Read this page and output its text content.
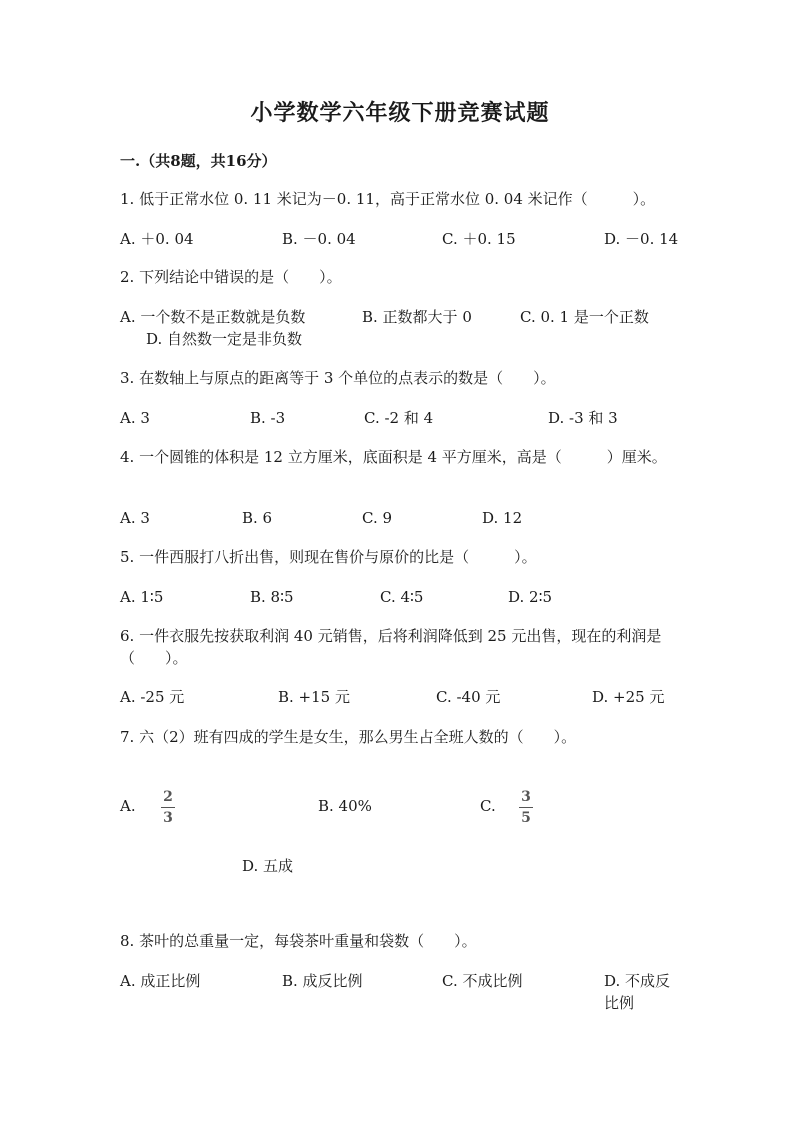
小学数学六年级下册竞赛试题
一.（共8题，共16分）
1. 低于正常水位 0. 11 米记为－0. 11，高于正常水位 0. 04 米记作（　　　）。
A. ＋0. 04	B. －0. 04	C. ＋0. 15	D. －0. 14
2. 下列结论中错误的是（　　）。
A. 一个数不是正数就是负数	B. 正数都大于 0	C. 0. 1 是一个正数
D. 自然数一定是非负数
3. 在数轴上与原点的距离等于 3 个单位的点表示的数是（　　）。
A. 3	B. -3	C. -2 和 4	D. -3 和 3
4. 一个圆锥的体积是 12 立方厘米，底面积是 4 平方厘米，高是（　　　）厘米。
A. 3	B. 6	C. 9	D. 12
5. 一件西服打八折出售，则现在售价与原价的比是（　　　）。
A. 1∶5	B. 8∶5	C. 4∶5	D. 2∶5
6. 一件衣服先按获取利润 40 元销售，后将利润降低到 25 元出售，现在的利润是（　　）。
A. -25 元	B. +15 元	C. -40 元	D. +25 元
7. 六（2）班有四成的学生是女生，那么男生占全班人数的（　　）。
A. 2
3
B. 40%	C. 3
5
D. 五成
8. 茶叶的总重量一定，每袋茶叶重量和袋数（　　）。
A. 成正比例	B. 成反比例	C. 不成比例	D. 不成反比例
